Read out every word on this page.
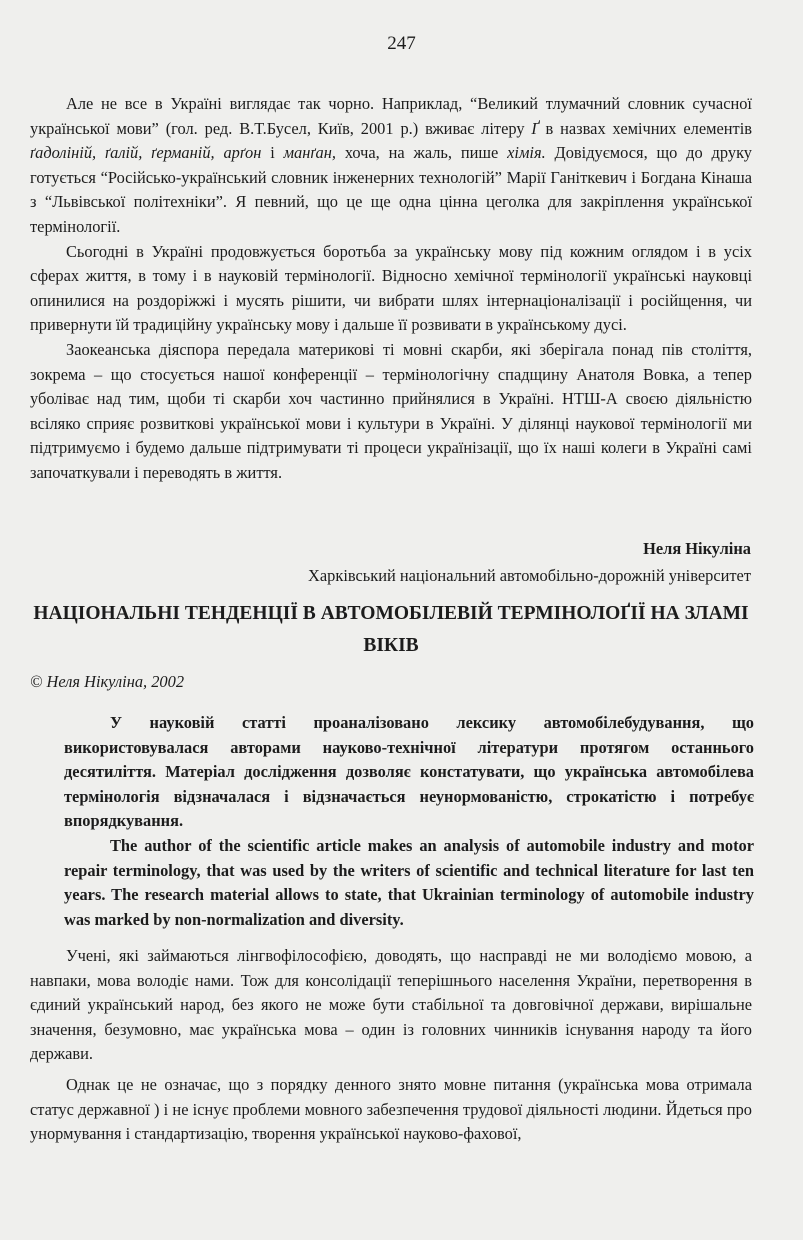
247

Але не все в Україні виглядає так чорно. Наприклад, “Великий тлумачний словник сучасної української мови” (гол. ред. В.Т.Бусел, Київ, 2001 р.) вживає літеру Ґ в назвах хемічних елементів ґадоліній, ґалій, ґерманій, арґон і манґан, хоча, на жаль, пише хімія. Довідуємося, що до друку готується “Російсько-український словник інженерних технологій” Марії Ганіткевич і Богдана Кінаша з “Львівської політехніки”. Я певний, що це ще одна цінна цеголка для закріплення української термінології.

Сьогодні в Україні продовжується боротьба за українську мову під кожним оглядом і в усіх сферах життя, в тому і в науковій термінології. Відносно хемічної термінології українські науковці опинилися на роздоріжжі і мусять рішити, чи вибрати шлях інтернаціоналізації і російщення, чи привернути їй традиційну українську мову і дальше її розвивати в українському дусі.

Заокеанська діяспора передала материкові ті мовні скарби, які зберігала понад пів століття, зокрема – що стосується нашої конференції – термінологічну спадщину Анатоля Вовка, а тепер уболіває над тим, щоби ті скарби хоч частинно прийнялися в Україні. НТШ-А своєю діяльністю всіляко сприяє розвиткові української мови і культури в Україні. У ділянці наукової термінології ми підтримуємо і будемо дальше підтримувати ті процеси українізації, що їх наші колеги в Україні самі започаткували і переводять в життя.

Неля Нікуліна
Харківський національний автомобільно-дорожній університет
НАЦІОНАЛЬНІ ТЕНДЕНЦІЇ В АВТОМОБІЛЕВІЙ ТЕРМІНОЛОҐІЇ НА ЗЛАМІ ВІКІВ
© Неля Нікуліна, 2002

У науковій статті проаналізовано лексику автомобілебудування, що використовувалася авторами науково-технічної літератури протягом останнього десятиліття. Матеріал дослідження дозволяє констатувати, що українська автомобілева термінологія відзначалася і відзначається неунормованістю, строкатістю і потребує впорядкування.

The author of the scientific article makes an analysis of automobile industry and motor repair terminology, that was used by the writers of scientific and technical literature for last ten years. The research material allows to state, that Ukrainian terminology of automobile industry was marked by non-normalization and diversity.

Учені, які займаються лінгвофілософією, доводять, що насправді не ми володіємо мовою, а навпаки, мова володіє нами. Тож для консолідації теперішнього населення України, перетворення в єдиний український народ, без якого не може бути стабільної та довговічної держави, вирішальне значення, безумовно, має українська мова – один із головних чинників існування народу та його держави.

Однак це не означає, що з порядку денного знято мовне питання (українська мова отримала статус державної ) і не існує проблеми мовного забезпечення трудової діяльності людини. Йдеться про унормування і стандартизацію, творення української науково-фахової,
